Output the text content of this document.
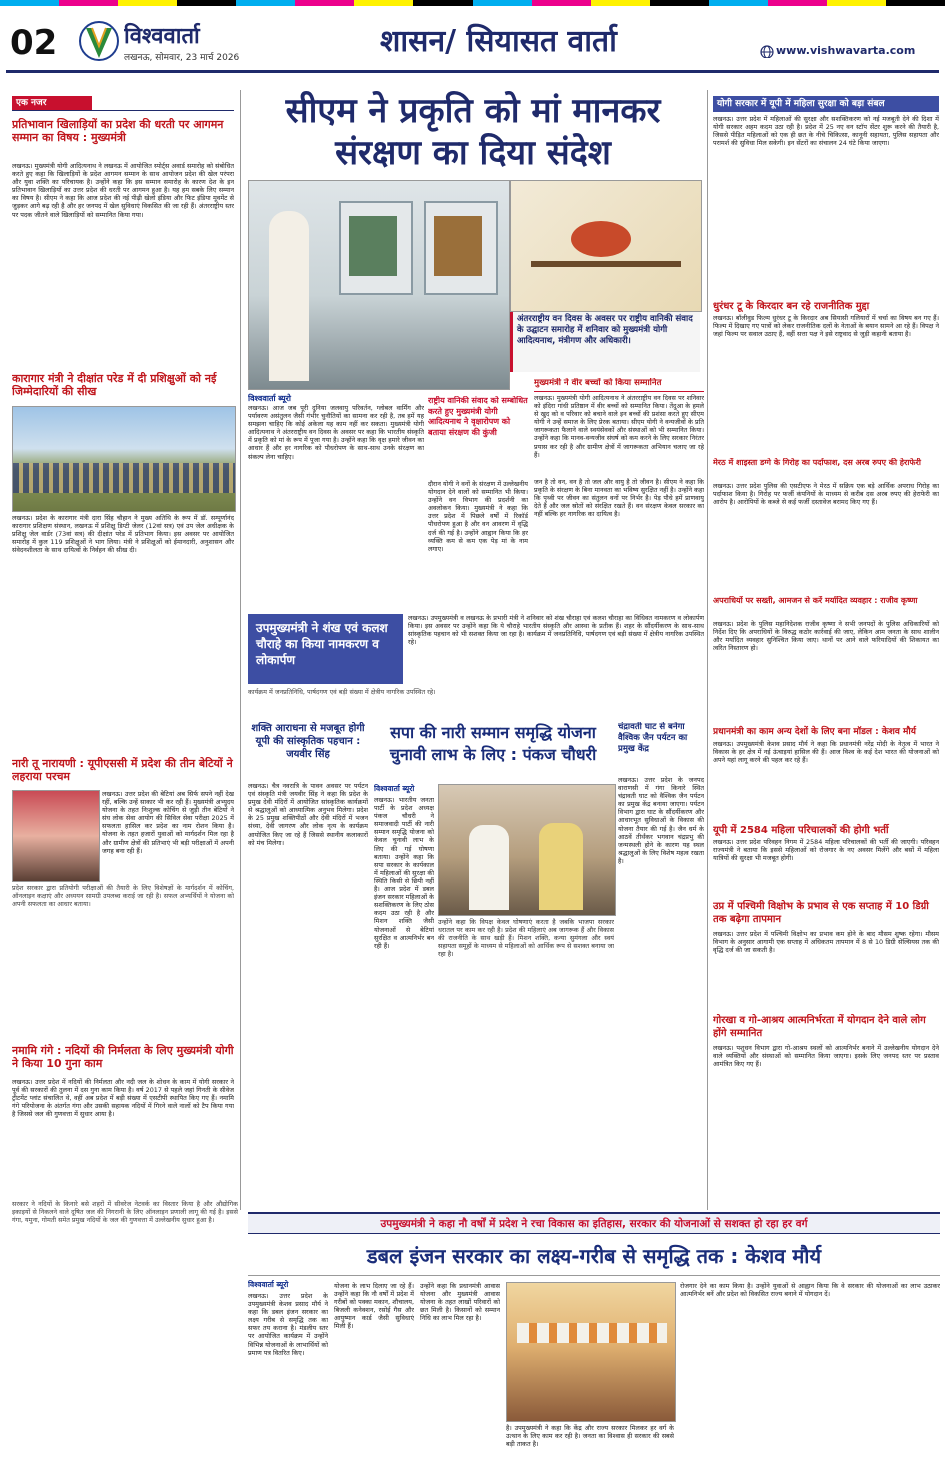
02	विश्ववार्ता
लखनऊ, सोमवार, 23 मार्च 2026	शासन/ सियासत वार्ता	www.vishwavarta.com
एक नजर
प्रतिभावान खिलाड़ियों का प्रदेश की धरती पर आगमन सम्मान का विषय : मुख्यमंत्री
लखनऊ। मुख्यमंत्री योगी आदित्यनाथ ने लखनऊ में आयोजित स्पोर्ट्स अवार्ड समारोह को संबोधित करते हुए कहा कि खिलाड़ियों के प्रदेश आगमन सम्मान के साथ आयोजन प्रदेश की खेल परंपरा और युवा शक्ति का परिचायक है। उन्होंने कहा कि इस सम्मान समारोह के कारण देश के इन प्रतिभावान खिलाड़ियों का उत्तर प्रदेश की धरती पर आगमन हुआ है। यह हम सबके लिए सम्मान का विषय है। सीएम ने कहा कि आज प्रदेश की नई पीढ़ी खेलो इंडिया और फिट इंडिया मूवमेंट से जुड़कर आगे बढ़ रही है और हर जनपद में खेल सुविधाएं विकसित की जा रही हैं। अंतरराष्ट्रीय स्तर पर पदक जीतने वाले खिलाड़ियों को सम्मानित किया गया।
कारागार मंत्री ने दीक्षांत परेड में दी प्रशिक्षुओं को नई जिम्मेदारियों की सीख
लखनऊ। प्रदेश के कारागार मंत्री दारा सिंह चौहान ने मुख्य अतिथि के रूप में डॉ. सम्पूर्णानंद कारागार प्रशिक्षण संस्थान, लखनऊ में प्रशिक्षु डिप्टी जेलर (12वां सत्र) एवं उप जेल अधीक्षक के प्रशिक्षु जेल वार्डर (73वां सत्र) की दीक्षांत परेड में प्रतिभाग किया। इस अवसर पर आयोजित समारोह में कुल 119 प्रशिक्षुओं ने भाग लिया। मंत्री ने प्रशिक्षुओं को ईमानदारी, अनुशासन और संवेदनशीलता के साथ दायित्वों के निर्वहन की सीख दी।
नारी तू नारायणी : यूपीएससी में प्रदेश की तीन बेटियों ने लहराया परचम
लखनऊ। उत्तर प्रदेश की बेटियां अब सिर्फ सपने नहीं देख रहीं, बल्कि उन्हें साकार भी कर रही हैं। मुख्यमंत्री अभ्युदय योजना के तहत निःशुल्क कोचिंग से जुड़ी तीन बेटियों ने संघ लोक सेवा आयोग की सिविल सेवा परीक्षा 2025 में सफलता हासिल कर प्रदेश का नाम रोशन किया है। योजना के तहत हजारों युवाओं को मार्गदर्शन मिल रहा है और ग्रामीण क्षेत्रों की प्रतिभाएं भी बड़ी परीक्षाओं में अपनी जगह बना रही हैं।

प्रदेश सरकार द्वारा प्रतियोगी परीक्षाओं की तैयारी के लिए विशेषज्ञों के मार्गदर्शन में कोचिंग, ऑनलाइन कक्षाएं और अध्ययन सामग्री उपलब्ध कराई जा रही है। सफल अभ्यर्थियों ने योजना को अपनी सफलता का आधार बताया।

नमामि गंगे : नदियों की निर्मलता के लिए मुख्यमंत्री योगी ने किया 10 गुना काम
लखनऊ। उत्तर प्रदेश में नदियों की निर्मलता और नदी जल के शोधन के काम में योगी सरकार ने पूर्व की सरकारों की तुलना में दस गुना काम किया है। वर्ष 2017 से पहले जहां गिनती के सीवेज ट्रीटमेंट प्लांट संचालित थे, वहीं अब प्रदेश में बड़ी संख्या में एसटीपी स्थापित किए गए हैं। नमामि गंगे परियोजना के अंतर्गत गंगा और उसकी सहायक नदियों में गिरने वाले नालों को टैप किया गया है जिससे जल की गुणवत्ता में सुधार आया है।
सीएम ने प्रकृति को मां मानकर संरक्षण का दिया संदेश
अंतरराष्ट्रीय वन दिवस के अवसर पर राष्ट्रीय वानिकी संवाद के उद्घाटन समारोह में शनिवार को मुख्यमंत्री योगी आदित्यनाथ, मंत्रीगण और अधिकारी।
विश्ववार्ता ब्यूरो
लखनऊ। आज जब पूरी दुनिया जलवायु परिवर्तन, ग्लोबल वार्मिंग और पर्यावरण असंतुलन जैसी गंभीर चुनौतियों का सामना कर रही है, तब हमें यह समझना चाहिए कि कोई अकेला यह काम नहीं कर सकता। मुख्यमंत्री योगी आदित्यनाथ ने अंतरराष्ट्रीय वन दिवस के अवसर पर कहा कि भारतीय संस्कृति में प्रकृति को मां के रूप में पूजा गया है। उन्होंने कहा कि वृक्ष हमारे जीवन का आधार हैं और हर नागरिक को पौधरोपण के साथ-साथ उनके संरक्षण का संकल्प लेना चाहिए।
राष्ट्रीय वानिकी संवाद को सम्बोधित करते हुए मुख्यमंत्री योगी आदित्यनाथ ने वृक्षारोपण को बताया संरक्षण की कुंजी
दौरान योगी ने वनों के संरक्षण में उल्लेखनीय योगदान देने वालों को सम्मानित भी किया। उन्होंने वन विभाग की प्रदर्शनी का अवलोकन किया। मुख्यमंत्री ने कहा कि उत्तर प्रदेश में पिछले वर्षों में रिकॉर्ड पौधरोपण हुआ है और वन आवरण में वृद्धि दर्ज की गई है। उन्होंने आह्वान किया कि हर व्यक्ति कम से कम एक पेड़ मां के नाम लगाए।
जन है तो वन, वन है तो जल और वायु है तो जीवन है। सीएम ने कहा कि प्रकृति के संरक्षण के बिना मानवता का भविष्य सुरक्षित नहीं है। उन्होंने कहा कि पृथ्वी पर जीवन का संतुलन वनों पर निर्भर है। पेड़ पौधे हमें प्राणवायु देते हैं और जल स्रोतों को संरक्षित रखते हैं। वन संरक्षण केवल सरकार का नहीं बल्कि हर नागरिक का दायित्व है।
उपमुख्यमंत्री ने शंख एवं कलश चौराहे का किया नामकरण व लोकार्पण
लखनऊ। उपमुख्यमंत्री व लखनऊ के प्रभारी मंत्री ने शनिवार को शंख चौराहा एवं कलश चौराहा का विधिवत नामकरण व लोकार्पण किया। इस अवसर पर उन्होंने कहा कि ये चौराहे भारतीय संस्कृति और आस्था के प्रतीक हैं। शहर के सौंदर्यीकरण के साथ-साथ सांस्कृतिक पहचान को भी सशक्त किया जा रहा है। कार्यक्रम में जनप्रतिनिधि, पार्षदगण एवं बड़ी संख्या में क्षेत्रीय नागरिक उपस्थित रहे।

कार्यक्रम में जनप्रतिनिधि, पार्षदगण एवं बड़ी संख्या में क्षेत्रीय नागरिक उपस्थित रहे।

शक्ति आराधना से मजबूत होगी यूपी की सांस्कृतिक पहचान : जयवीर सिंह
लखनऊ। चैत्र नवरात्रि के पावन अवसर पर पर्यटन एवं संस्कृति मंत्री जयवीर सिंह ने कहा कि प्रदेश के प्रमुख देवी मंदिरों में आयोजित सांस्कृतिक कार्यक्रमों से श्रद्धालुओं को आध्यात्मिक अनुभव मिलेगा। प्रदेश के 25 प्रमुख शक्तिपीठों और देवी मंदिरों में भजन संध्या, देवी जागरण और लोक नृत्य के कार्यक्रम आयोजित किए जा रहे हैं जिससे स्थानीय कलाकारों को मंच मिलेगा।
सपा की नारी सम्मान समृद्धि योजना चुनावी लाभ के लिए : पंकज चौधरी
विश्ववार्ता ब्यूरो
लखनऊ। भारतीय जनता पार्टी के प्रदेश अध्यक्ष पंकज चौधरी ने समाजवादी पार्टी की नारी सम्मान समृद्धि योजना को केवल चुनावी लाभ के लिए की गई घोषणा बताया। उन्होंने कहा कि सपा सरकार के कार्यकाल में महिलाओं की सुरक्षा की स्थिति किसी से छिपी नहीं है। आज प्रदेश में डबल इंजन सरकार महिलाओं के सशक्तिकरण के लिए ठोस कदम उठा रही है और मिशन शक्ति जैसी योजनाओं से बेटियां सुरक्षित व आत्मनिर्भर बन रही हैं।

उन्होंने कहा कि विपक्ष केवल घोषणाएं करता है जबकि भाजपा सरकार धरातल पर काम कर रही है। प्रदेश की महिलाएं अब जागरूक हैं और विकास की राजनीति के साथ खड़ी हैं। मिशन शक्ति, कन्या सुमंगला और स्वयं सहायता समूहों के माध्यम से महिलाओं को आर्थिक रूप से सशक्त बनाया जा रहा है।

चंद्रावती घाट से बनेगा वैश्विक जैन पर्यटन का प्रमुख केंद्र
लखनऊ। उत्तर प्रदेश के जनपद वाराणसी में गंगा किनारे स्थित चंद्रावती घाट को वैश्विक जैन पर्यटन का प्रमुख केंद्र बनाया जाएगा। पर्यटन विभाग द्वारा घाट के सौंदर्यीकरण और आधारभूत सुविधाओं के विकास की योजना तैयार की गई है। जैन धर्म के आठवें तीर्थंकर भगवान चंद्रप्रभु की जन्मस्थली होने के कारण यह स्थल श्रद्धालुओं के लिए विशेष महत्व रखता है।
योगी सरकार में यूपी में महिला सुरक्षा को बड़ा संबल
लखनऊ। उत्तर प्रदेश में महिलाओं की सुरक्षा और सशक्तिकरण को नई मजबूती देने की दिशा में योगी सरकार अहम कदम उठा रही है। प्रदेश में 25 नए वन स्टॉप सेंटर शुरू करने की तैयारी है, जिससे पीड़ित महिलाओं को एक ही छत के नीचे चिकित्सा, कानूनी सहायता, पुलिस सहायता और परामर्श की सुविधा मिल सकेगी। इन सेंटरों का संचालन 24 घंटे किया जाएगा।
धुरंधर टू के किरदार बन रहे राजनीतिक मुद्दा
लखनऊ। बॉलीवुड फिल्म धुरंधर टू के किरदार अब सियासी गलियारों में चर्चा का विषय बन गए हैं। फिल्म में दिखाए गए पात्रों को लेकर राजनीतिक दलों के नेताओं के बयान सामने आ रहे हैं। विपक्ष ने जहां फिल्म पर सवाल उठाए हैं, वहीं सत्ता पक्ष ने इसे राष्ट्रवाद से जुड़ी कहानी बताया है।
मेरठ में शाइस्ता डग्गे के गिरोह का पर्दाफाश, दस अरब रुपए की हेराफेरी
लखनऊ। उत्तर प्रदेश पुलिस की एसटीएफ ने मेरठ में सक्रिय एक बड़े आर्थिक अपराध गिरोह का पर्दाफाश किया है। गिरोह पर फर्जी कंपनियों के माध्यम से करीब दस अरब रुपए की हेराफेरी का आरोप है। आरोपियों के कब्जे से कई फर्जी दस्तावेज बरामद किए गए हैं।
अपराधियों पर सख्ती, आमजन से करें मर्यादित व्यवहार : राजीव कृष्णा
लखनऊ। प्रदेश के पुलिस महानिदेशक राजीव कृष्णा ने सभी जनपदों के पुलिस अधिकारियों को निर्देश दिए कि अपराधियों के विरुद्ध कठोर कार्रवाई की जाए, लेकिन आम जनता के साथ शालीन और मर्यादित व्यवहार सुनिश्चित किया जाए। थानों पर आने वाले फरियादियों की शिकायत का त्वरित निस्तारण हो।
प्रधानमंत्री का काम अन्य देशों के लिए बना मॉडल : केशव मौर्य
लखनऊ। उपमुख्यमंत्री केशव प्रसाद मौर्य ने कहा कि प्रधानमंत्री नरेंद्र मोदी के नेतृत्व में भारत ने विकास के हर क्षेत्र में नई ऊंचाइयां हासिल की हैं। आज विश्व के कई देश भारत की योजनाओं को अपने यहां लागू करने की पहल कर रहे हैं।
यूपी में 2584 महिला परिचालकों की होगी भर्ती
लखनऊ। उत्तर प्रदेश परिवहन निगम में 2584 महिला परिचालकों की भर्ती की जाएगी। परिवहन राज्यमंत्री ने बताया कि इससे महिलाओं को रोजगार के नए अवसर मिलेंगे और बसों में महिला यात्रियों की सुरक्षा भी मजबूत होगी।
उप्र में पश्चिमी विक्षोभ के प्रभाव से एक सप्ताह में 10 डिग्री तक बढ़ेगा तापमान
लखनऊ। उत्तर प्रदेश में पश्चिमी विक्षोभ का प्रभाव कम होने के बाद मौसम शुष्क रहेगा। मौसम विभाग के अनुसार आगामी एक सप्ताह में अधिकतम तापमान में 8 से 10 डिग्री सेल्सियस तक की वृद्धि दर्ज की जा सकती है।
गोरखा व गो-आश्रय आत्मनिर्भरता में योगदान देने वाले लोग होंगे सम्मानित
लखनऊ। पशुधन विभाग द्वारा गो-आश्रय स्थलों को आत्मनिर्भर बनाने में उल्लेखनीय योगदान देने वाले व्यक्तियों और संस्थाओं को सम्मानित किया जाएगा। इसके लिए जनपद स्तर पर प्रस्ताव आमंत्रित किए गए हैं।
उपमुख्यमंत्री ने कहा नौ वर्षों में प्रदेश ने रचा विकास का इतिहास, सरकार की योजनाओं से सशक्त हो रहा हर वर्ग
डबल इंजन सरकार का लक्ष्य-गरीब से समृद्धि तक : केशव मौर्य
विश्ववार्ता ब्यूरो
लखनऊ। उत्तर प्रदेश के उपमुख्यमंत्री केशव प्रसाद मौर्य ने कहा कि डबल इंजन सरकार का लक्ष्य गरीब से समृद्धि तक का सफर तय कराना है। मंडलीय स्तर पर आयोजित कार्यक्रम में उन्होंने विभिन्न योजनाओं के लाभार्थियों को प्रमाण पत्र वितरित किए।
योजना के लाभ दिलाए जा रहे हैं। उन्होंने कहा कि नौ वर्षों में प्रदेश में गरीबों को पक्का मकान, शौचालय, बिजली कनेक्शन, रसोई गैस और आयुष्मान कार्ड जैसी सुविधाएं मिली हैं।
उन्होंने कहा कि प्रधानमंत्री आवास योजना और मुख्यमंत्री आवास योजना के तहत लाखों परिवारों को छत मिली है। किसानों को सम्मान निधि का लाभ मिल रहा है।
है। उपमुख्यमंत्री ने कहा कि केंद्र और राज्य सरकार मिलकर हर वर्ग के उत्थान के लिए काम कर रही है। जनता का विश्वास ही सरकार की सबसे बड़ी ताकत है।
रोजगार देने का काम किया है। उन्होंने युवाओं से आह्वान किया कि वे सरकार की योजनाओं का लाभ उठाकर आत्मनिर्भर बनें और प्रदेश को विकसित राज्य बनाने में योगदान दें।

सरकार ने नदियों के किनारे बसे शहरों में सीवरेज नेटवर्क का विस्तार किया है और औद्योगिक इकाइयों से निकलने वाले दूषित जल की निगरानी के लिए ऑनलाइन प्रणाली लागू की गई है। इससे गंगा, यमुना, गोमती समेत प्रमुख नदियों के जल की गुणवत्ता में उल्लेखनीय सुधार हुआ है।

मुख्यमंत्री ने वीर बच्चों को किया सम्मानित
लखनऊ। मुख्यमंत्री योगी आदित्यनाथ ने अंतरराष्ट्रीय वन दिवस पर शनिवार को इंदिरा गांधी प्रतिष्ठान में वीर बच्चों को सम्मानित किया। तेंदुआ के हमले से खुद को व परिवार को बचाने वाले इन बच्चों की प्रशंसा करते हुए सीएम योगी ने उन्हें समाज के लिए प्रेरक बताया। सीएम योगी ने वन्यजीवों के प्रति जागरूकता फैलाने वाले स्वयंसेवकों और संस्थाओं को भी सम्मानित किया। उन्होंने कहा कि मानव-वन्यजीव संघर्ष को कम करने के लिए सरकार निरंतर प्रयास कर रही है और ग्रामीण क्षेत्रों में जागरूकता अभियान चलाए जा रहे हैं।
